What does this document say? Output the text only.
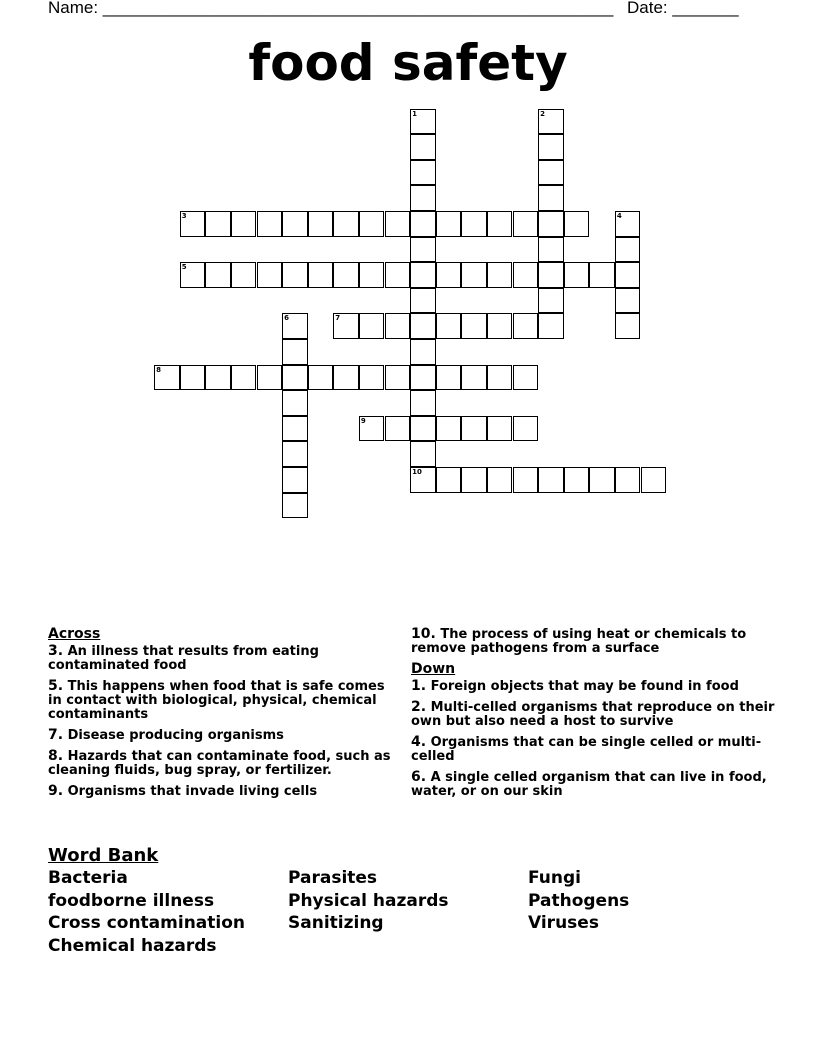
Name: ______________________________________________________ Date: _______
food safety
1	2
3	4
5
6	7
8
9
10
Across
3. An illness that results from eating contaminated food
5. This happens when food that is safe comes in contact with biological, physical, chemical contaminants
7. Disease producing organisms
8. Hazards that can contaminate food, such as cleaning fluids, bug spray, or fertilizer.
9. Organisms that invade living cells
10. The process of using heat or chemicals to remove pathogens from a surface
Down
1. Foreign objects that may be found in food
2. Multi-celled organisms that reproduce on their own but also need a host to survive
4. Organisms that can be single celled or multi-celled
6. A single celled organism that can live in food, water, or on our skin
Word Bank
Bacteria	Parasites	Fungi
foodborne illness	Physical hazards	Pathogens
Cross contamination	Sanitizing	Viruses
Chemical hazards
